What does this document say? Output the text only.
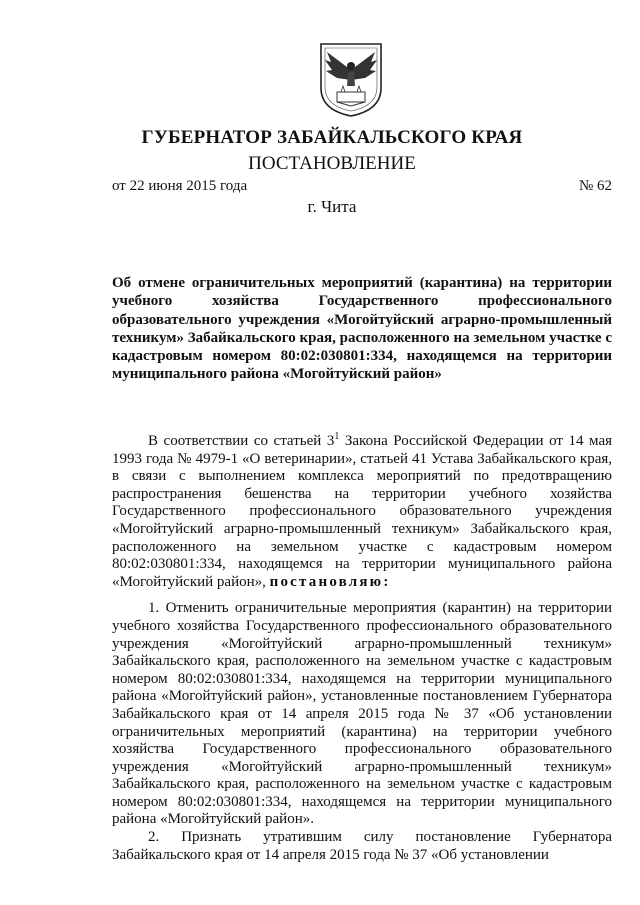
ГУБЕРНАТОР ЗАБАЙКАЛЬСКОГО КРАЯ
ПОСТАНОВЛЕНИЕ
от 22 июня 2015 года	№ 62
г. Чита
Об отмене ограничительных мероприятий (карантина) на территории учебного хозяйства Государственного профессионального образовательного учреждения «Могойтуйский аграрно-промышленный техникум» Забайкальского края, расположенного на земельном участке с кадастровым номером 80:02:030801:334, находящемся на территории муниципального района «Могойтуйский район»

В соответствии со статьей $3^1$ Закона Российской Федерации от 14 мая 1993 года № 4979-1 «О ветеринарии», статьей 41 Устава Забайкальского края, в связи с выполнением комплекса мероприятий по предотвращению распространения бешенства на территории учебного хозяйства Государственного профессионального образовательного учреждения «Могойтуйский аграрно-промышленный техникум» Забайкальского края, расположенного на земельном участке с кадастровым номером 80:02:030801:334, находящемся на территории муниципального района «Могойтуйский район», постановляю:

1. Отменить ограничительные мероприятия (карантин) на территории учебного хозяйства Государственного профессионального образовательного учреждения «Могойтуйский аграрно-промышленный техникум» Забайкальского края, расположенного на земельном участке с кадастровым номером 80:02:030801:334, находящемся на территории муниципального района «Могойтуйский район», установленные постановлением Губернатора Забайкальского края от 14 апреля 2015 года № 37 «Об установлении ограничительных мероприятий (карантина) на территории учебного хозяйства Государственного профессионального образовательного учреждения «Могойтуйский аграрно-промышленный техникум» Забайкальского края, расположенного на земельном участке с кадастровым номером 80:02:030801:334, находящемся на территории муниципального района «Могойтуйский район».

2. Признать утратившим силу постановление Губернатора Забайкальского края от 14 апреля 2015 года № 37 «Об установлении
